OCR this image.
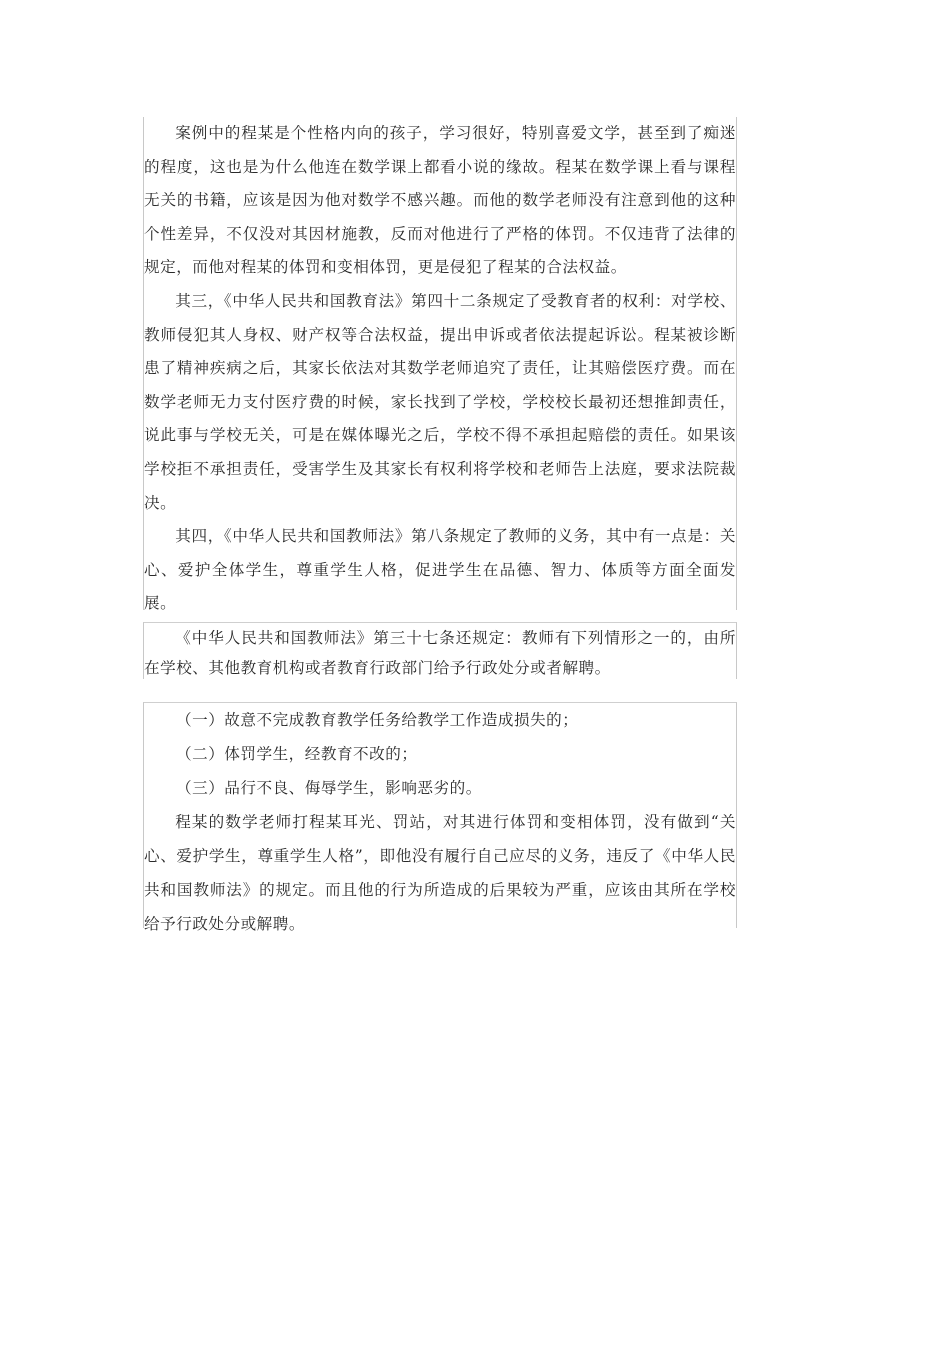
案例中的程某是个性格内向的孩子，学习很好，特别喜爱文学，甚至到了痴迷的程度，这也是为什么他连在数学课上都看小说的缘故。程某在数学课上看与课程无关的书籍，应该是因为他对数学不感兴趣。而他的数学老师没有注意到他的这种个性差异，不仅没对其因材施教，反而对他进行了严格的体罚。不仅违背了法律的规定，而他对程某的体罚和变相体罚，更是侵犯了程某的合法权益。

其三，《中华人民共和国教育法》第四十二条规定了受教育者的权利：对学校、教师侵犯其人身权、财产权等合法权益，提出申诉或者依法提起诉讼。程某被诊断患了精神疾病之后，其家长依法对其数学老师追究了责任，让其赔偿医疗费。而在数学老师无力支付医疗费的时候，家长找到了学校，学校校长最初还想推卸责任，说此事与学校无关，可是在媒体曝光之后，学校不得不承担起赔偿的责任。如果该学校拒不承担责任，受害学生及其家长有权利将学校和老师告上法庭，要求法院裁决。

其四，《中华人民共和国教师法》第八条规定了教师的义务，其中有一点是：关心、爱护全体学生，尊重学生人格，促进学生在品德、智力、体质等方面全面发展。

《中华人民共和国教师法》第三十七条还规定：教师有下列情形之一的，由所在学校、其他教育机构或者教育行政部门给予行政处分或者解聘。

（一）故意不完成教育教学任务给教学工作造成损失的；

（二）体罚学生，经教育不改的；

（三）品行不良、侮辱学生，影响恶劣的。

程某的数学老师打程某耳光、罚站，对其进行体罚和变相体罚，没有做到“关心、爱护学生，尊重学生人格”，即他没有履行自己应尽的义务，违反了《中华人民共和国教师法》的规定。而且他的行为所造成的后果较为严重，应该由其所在学校给予行政处分或解聘。
